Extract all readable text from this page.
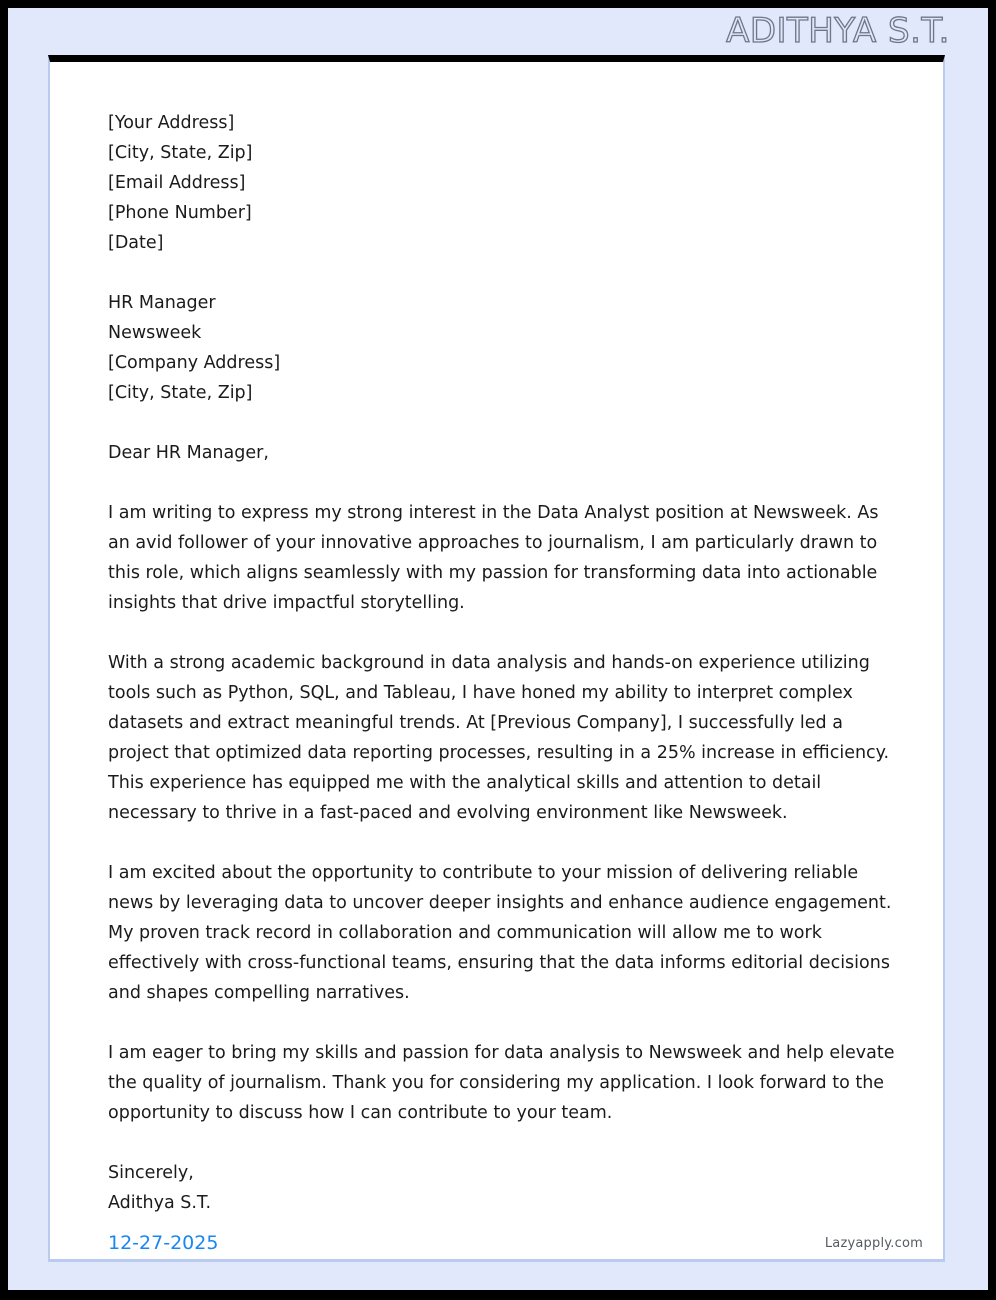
ADITHYA S.T.

[Your Address]

[City, State, Zip]

[Email Address]

[Phone Number]

[Date]

HR Manager

Newsweek

[Company Address]

[City, State, Zip]

Dear HR Manager,

I am writing to express my strong interest in the Data Analyst position at Newsweek. As an avid follower of your innovative approaches to journalism, I am particularly drawn to this role, which aligns seamlessly with my passion for transforming data into actionable insights that drive impactful storytelling.

With a strong academic background in data analysis and hands-on experience utilizing tools such as Python, SQL, and Tableau, I have honed my ability to interpret complex datasets and extract meaningful trends. At [Previous Company], I successfully led a project that optimized data reporting processes, resulting in a 25% increase in efficiency. This experience has equipped me with the analytical skills and attention to detail necessary to thrive in a fast-paced and evolving environment like Newsweek.

I am excited about the opportunity to contribute to your mission of delivering reliable news by leveraging data to uncover deeper insights and enhance audience engagement. My proven track record in collaboration and communication will allow me to work effectively with cross-functional teams, ensuring that the data informs editorial decisions and shapes compelling narratives.

I am eager to bring my skills and passion for data analysis to Newsweek and help elevate the quality of journalism. Thank you for considering my application. I look forward to the opportunity to discuss how I can contribute to your team.

Sincerely,

Adithya S.T.

12-27-2025	Lazyapply.com
